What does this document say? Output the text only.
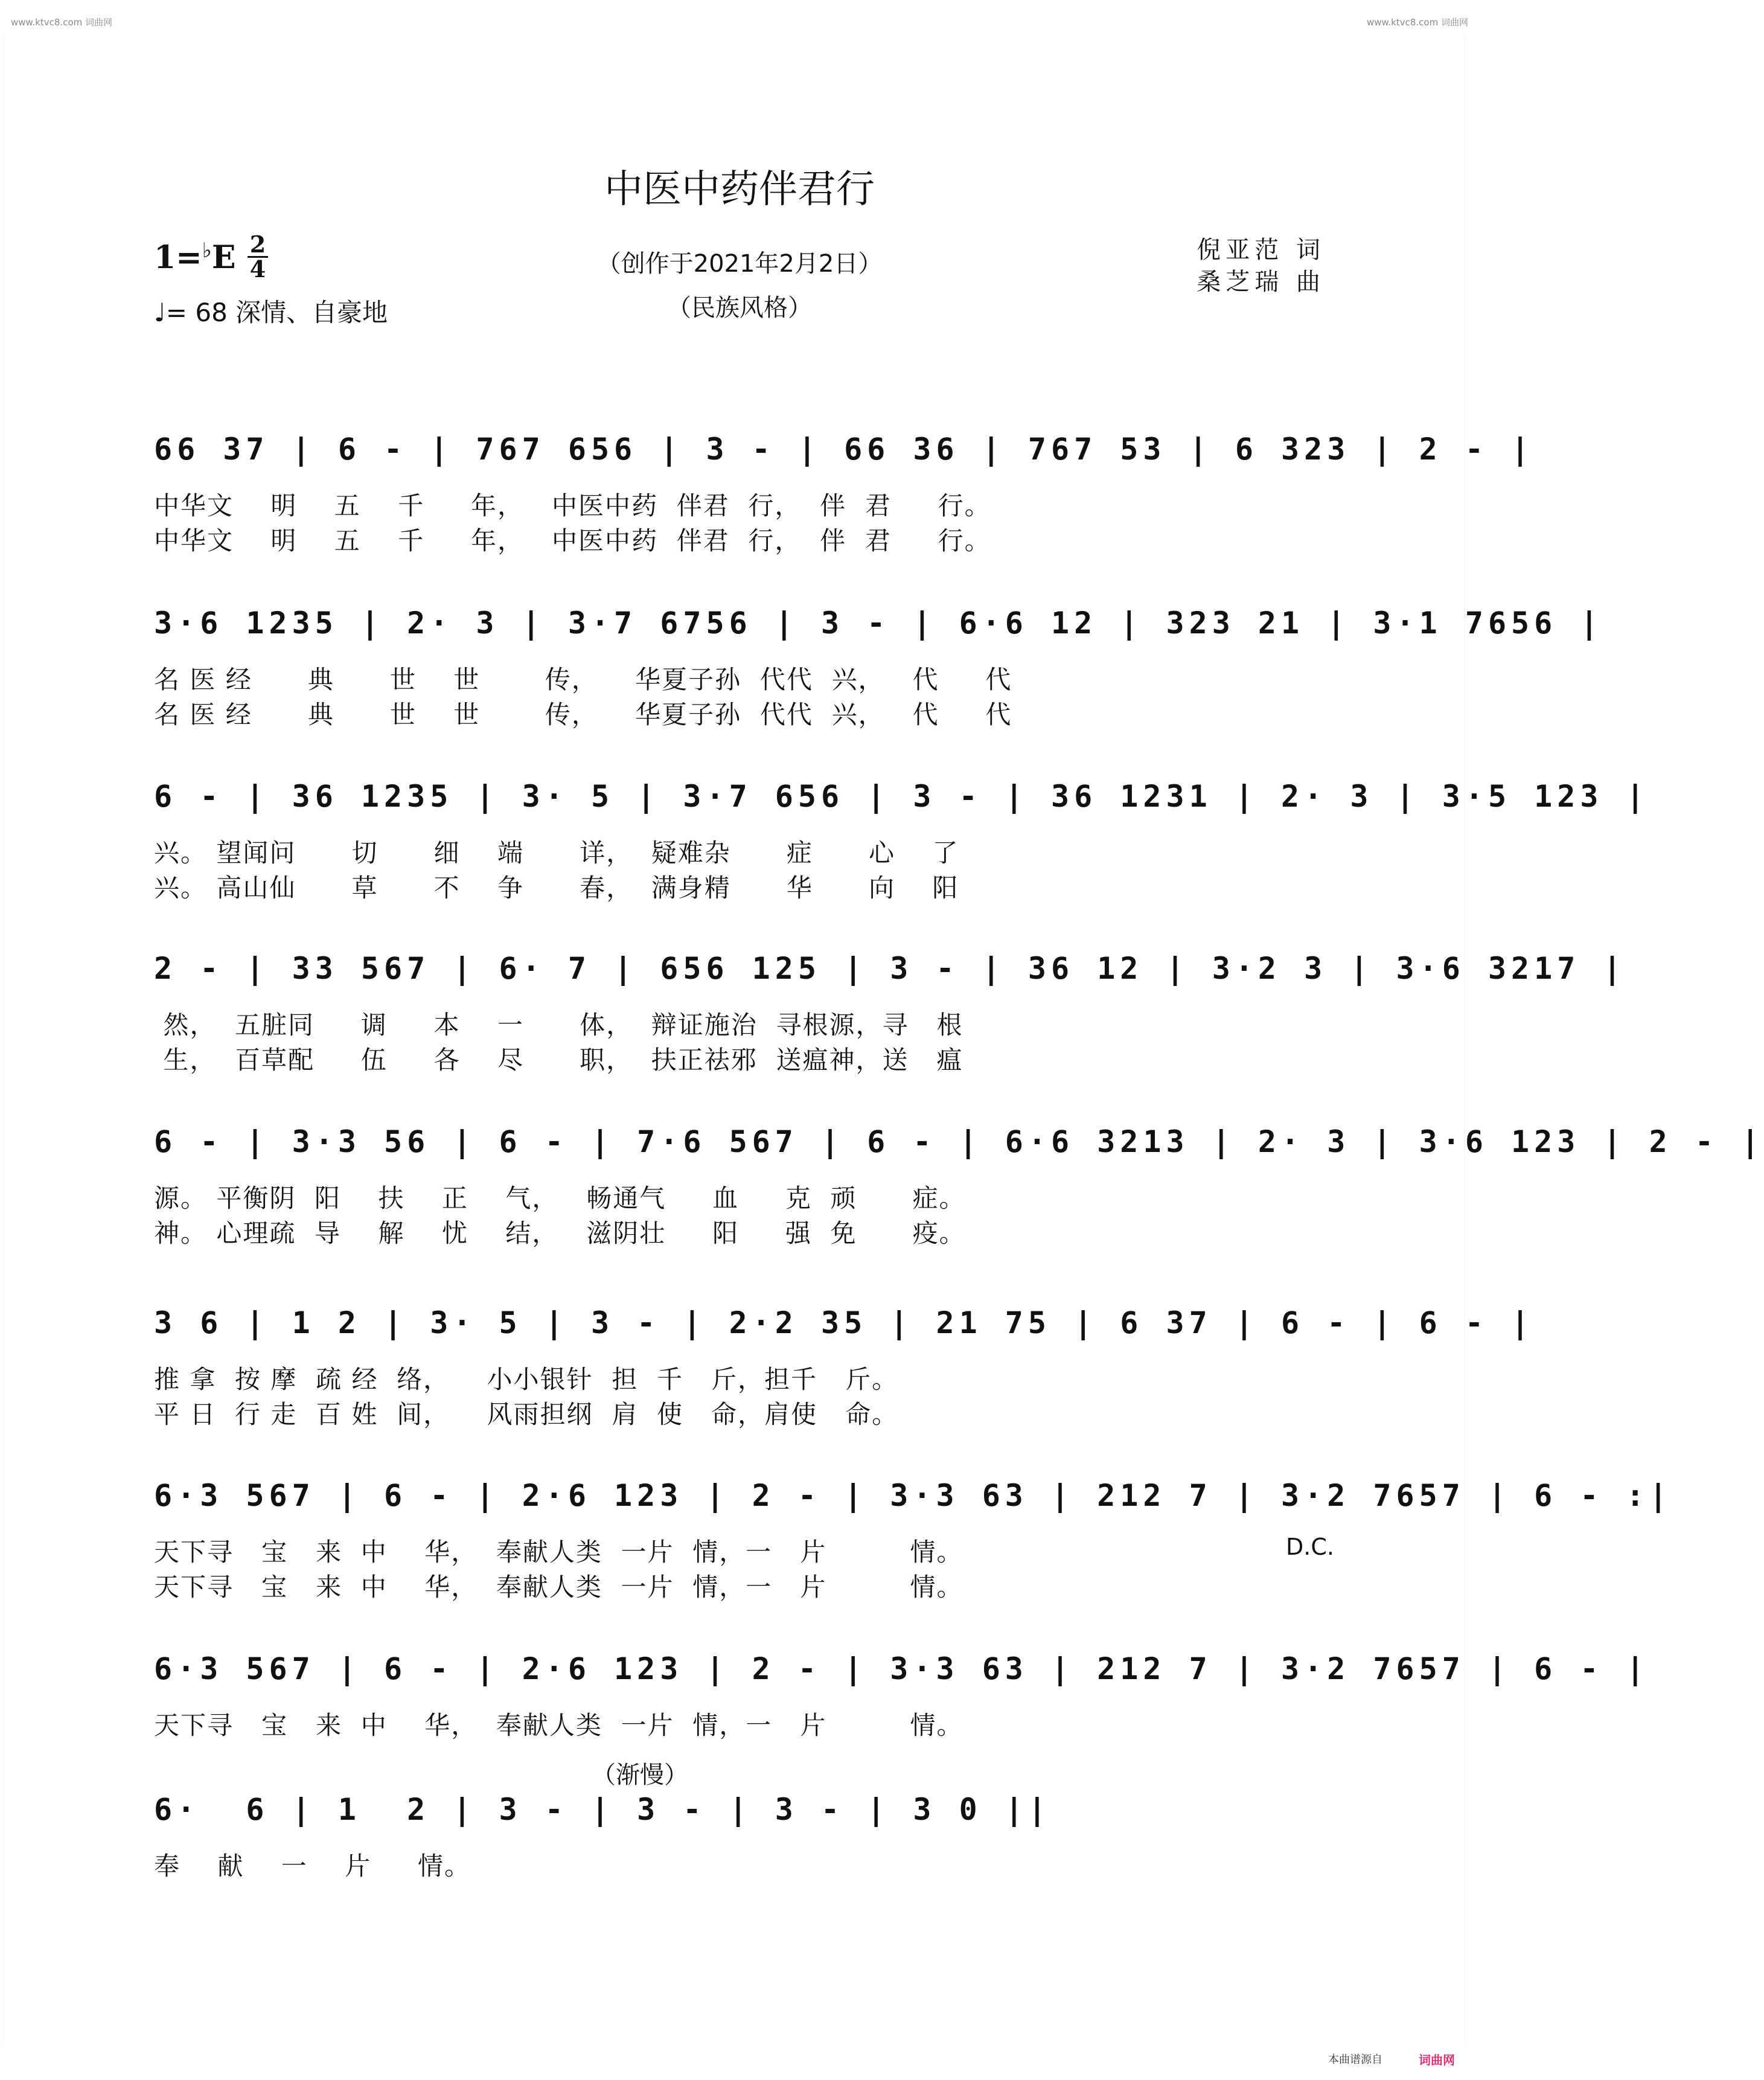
www.ktvc8.com 词曲网	www.ktvc8.com 词曲网
中医中药伴君行
1=♭E 2
4
♩= 68 深情、自豪地
（创作于2021年2月2日）
（民族风格）
倪亚范 词
桑芝瑞 曲
66 37 | 6 - | 767 656 | 3 - | 66 36 | 767 53 | 6 323 | 2 - |
中华文    明    五    千     年，   中医中药  伴君  行，  伴  君     行。
中华文    明    五    千     年，   中医中药  伴君  行，  伴  君     行。
3·6 1235 | 2· 3 | 3·7 6756 | 3 - | 6·6 12 | 323 21 | 3·1 7656 |
名 医 经      典      世    世       传，    华夏子孙  代代  兴，   代     代
名 医 经      典      世    世       传，    华夏子孙  代代  兴，   代     代
6 - | 36 1235 | 3· 5 | 3·7 656 | 3 - | 36 1231 | 2· 3 | 3·5 123 |
兴。 望闻问      切      细    端      详，  疑难杂      症      心    了
兴。 高山仙      草      不    争      春，  满身精      华      向    阳
2 - | 33 567 | 6· 7 | 656 125 | 3 - | 36 12 | 3·2 3 | 3·6 3217 |
然，  五脏同     调     本    一      体，  辩证施治  寻根源，寻   根
生，  百草配     伍     各    尽      职，  扶正祛邪  送瘟神，送   瘟
6 - | 3·3 56 | 6 - | 7·6 567 | 6 - | 6·6 3213 | 2· 3 | 3·6 123 | 2 - |
源。 平衡阴  阳    扶    正    气，   畅通气     血     克  顽      症。
神。 心理疏  导    解    忧    结，   滋阴壮     阳     强  免      疫。
3 6 | 1 2 | 3· 5 | 3 - | 2·2 35 | 21 75 | 6 37 | 6 - | 6 - |
推 拿  按 摩  疏 经  络，    小小银针  担  千   斤，担千   斤。
平 日  行 走  百 姓  间，    风雨担纲  肩  使   命，肩使   命。
6·3 567 | 6 - | 2·6 123 | 2 - | 3·3 63 | 212 7 | 3·2 7657 | 6 - :|
天下寻   宝   来  中    华，  奉献人类  一片  情，一   片         情。
天下寻   宝   来  中    华，  奉献人类  一片  情，一   片         情。
D.C.
6·3 567 | 6 - | 2·6 123 | 2 - | 3·3 63 | 212 7 | 3·2 7657 | 6 - |
天下寻   宝   来  中    华，  奉献人类  一片  情，一   片         情。
（渐慢）
6·  6 | 1  2 | 3 - | 3 - | 3 - | 3 0 ||
奉    献    一    片     情。
本曲谱源自	词曲网
